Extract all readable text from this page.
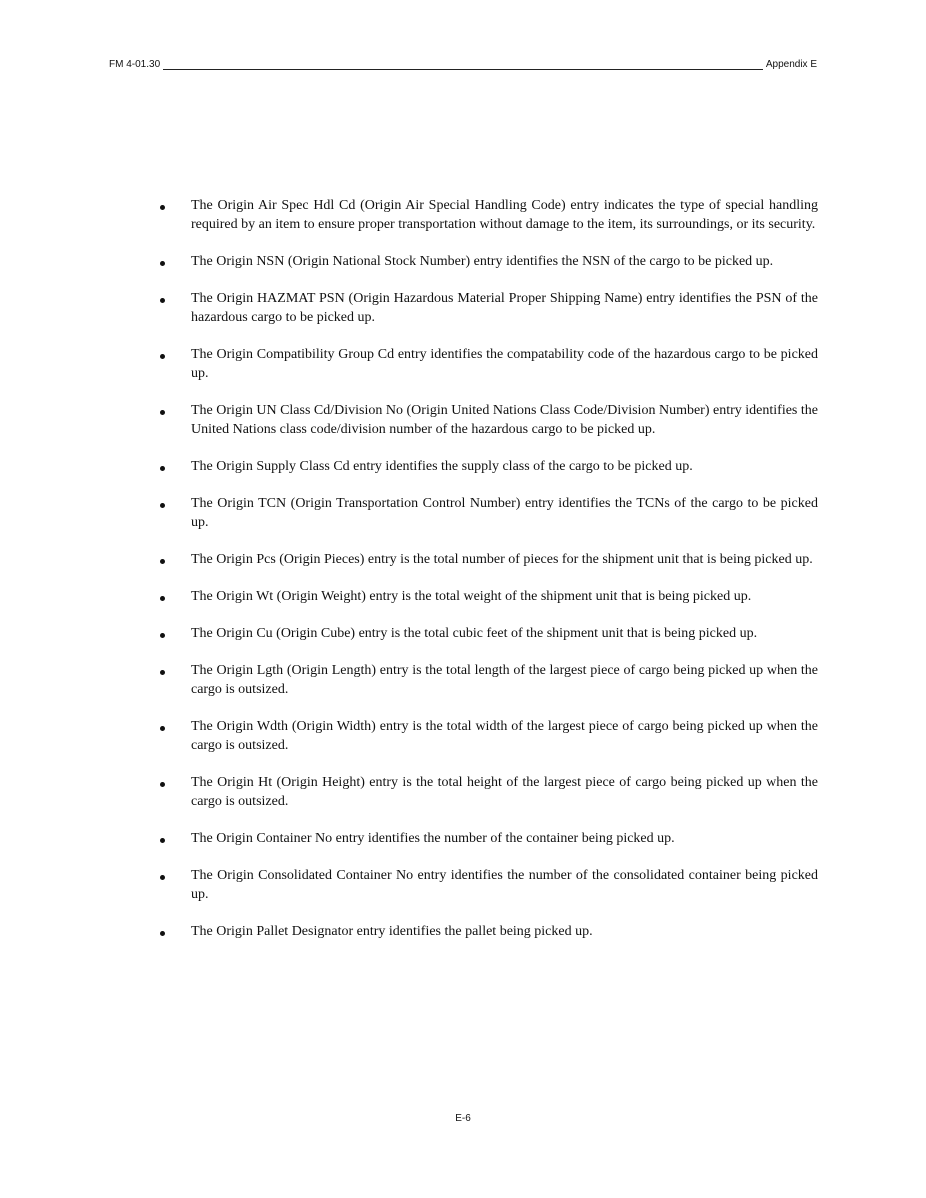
FM 4-01.30	Appendix E
The Origin Air Spec Hdl Cd (Origin Air Special Handling Code) entry indicates the type of special handling required by an item to ensure proper transportation without damage to the item, its surroundings, or its security.
The Origin NSN (Origin National Stock Number) entry identifies the NSN of the cargo to be picked up.
The Origin HAZMAT PSN (Origin Hazardous Material Proper Shipping Name) entry identifies the PSN of the hazardous cargo to be picked up.
The Origin Compatibility Group Cd entry identifies the compatability code of the hazardous cargo to be picked up.
The Origin UN Class Cd/Division No (Origin United Nations Class Code/Division Number) entry identifies the United Nations class code/division number of the hazardous cargo to be picked up.
The Origin Supply Class Cd entry identifies the supply class of the cargo to be picked up.
The Origin TCN (Origin Transportation Control Number) entry identifies the TCNs of the cargo to be picked up.
The Origin Pcs (Origin Pieces) entry is the total number of pieces for the shipment unit that is being picked up.
The Origin Wt (Origin Weight) entry is the total weight of the shipment unit that is being picked up.
The Origin Cu (Origin Cube) entry is the total cubic feet of the shipment unit that is being picked up.
The Origin Lgth (Origin Length) entry is the total length of the largest piece of cargo being picked up when the cargo is outsized.
The Origin Wdth (Origin Width) entry is the total width of the largest piece of cargo being picked up when the cargo is outsized.
The Origin Ht (Origin Height) entry is the total height of the largest piece of cargo being picked up when the cargo is outsized.
The Origin Container No entry identifies the number of the container being picked up.
The Origin Consolidated Container No entry identifies the number of the consolidated container being picked up.
The Origin Pallet Designator entry identifies the pallet being picked up.
E-6
